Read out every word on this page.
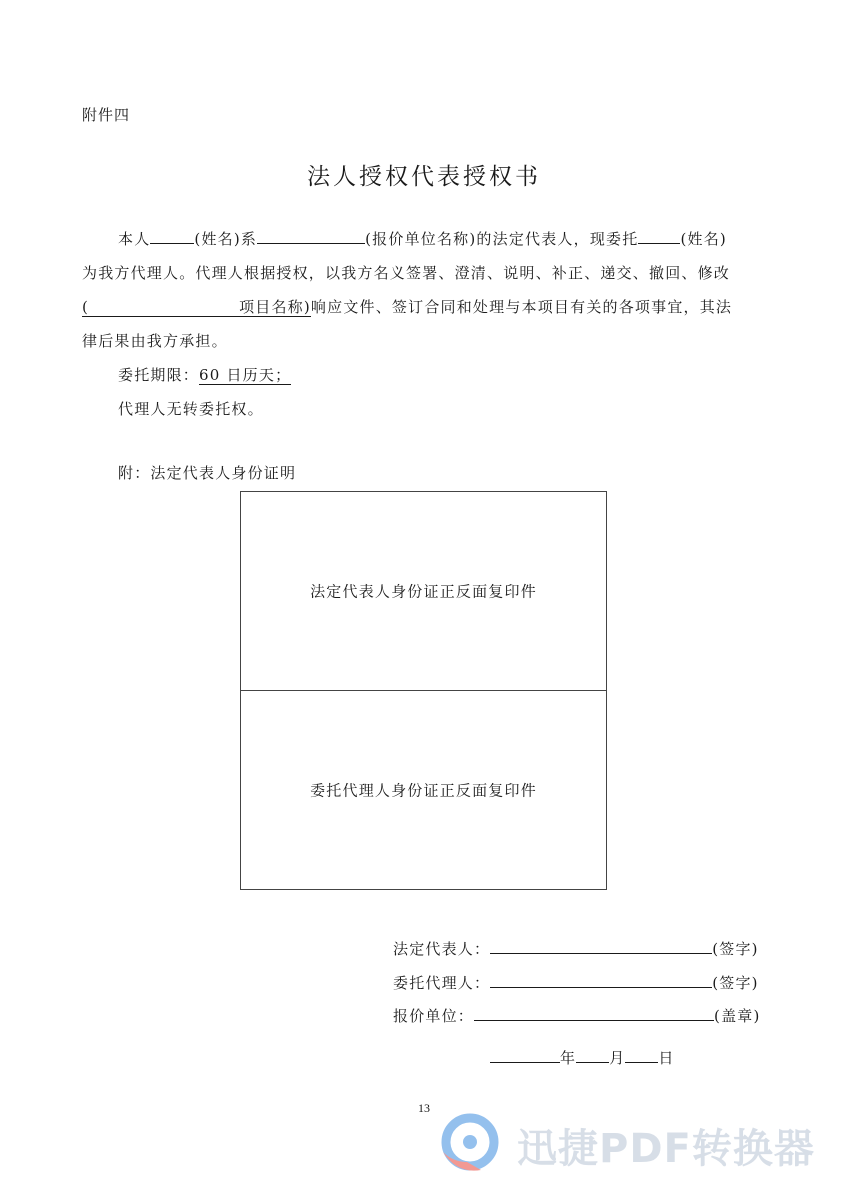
附件四
法人授权代表授权书
本人	(姓名)系	(报价单位名称)的法定代表人，现委托	(姓名)
为我方代理人。代理人根据授权，以我方名义签署、澄清、说明、补正、递交、撤回、修改
(	项目名称)响应文件、签订合同和处理与本项目有关的各项事宜，其法
律后果由我方承担。
委托期限：60 日历天；
代理人无转委托权。
附：法定代表人身份证明
法定代表人身份证正反面复印件
委托代理人身份证正反面复印件
法定代表人：	(签字)
委托代理人：	(签字)
报价单位：	(盖章)
年 月 日
13
迅捷PDF转换器
